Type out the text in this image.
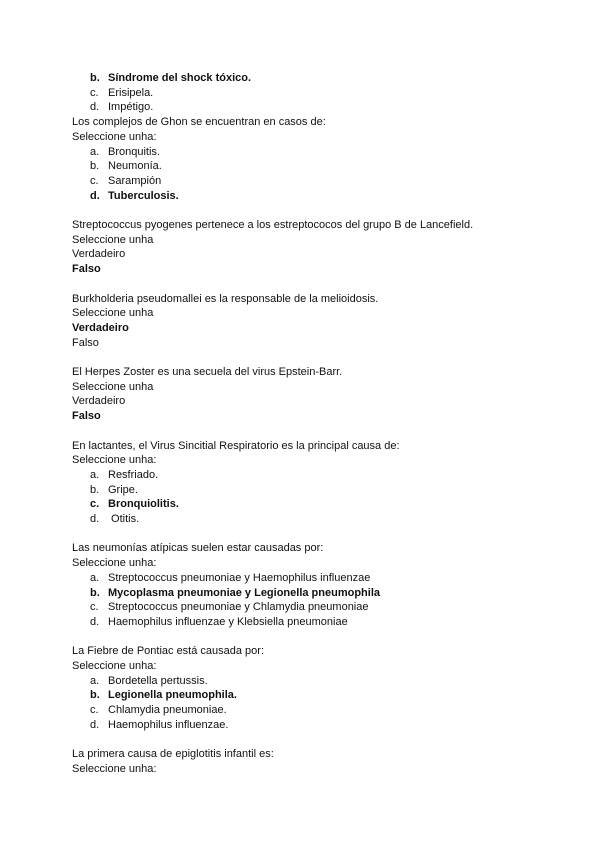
b. Síndrome del shock tóxico.
c. Erisipela.
d. Impétigo.
Los complejos de Ghon se encuentran en casos de:
Seleccione unha:
a. Bronquitis.
b. Neumonía.
c. Sarampión
d. Tuberculosis.
Streptococcus pyogenes pertenece a los estreptococos del grupo B de Lancefield.
Seleccione unha
Verdadeiro
Falso
Burkholderia pseudomallei es la responsable de la melioidosis.
Seleccione unha
Verdadeiro
Falso
El Herpes Zoster es una secuela del virus Epstein-Barr.
Seleccione unha
Verdadeiro
Falso
En lactantes, el Virus Sincitial Respiratorio es la principal causa de:
Seleccione unha:
a. Resfriado.
b. Gripe.
c. Bronquiolitis.
d. Otitis.
Las neumonías atípicas suelen estar causadas por:
Seleccione unha:
a. Streptococcus pneumoniae y Haemophilus influenzae
b. Mycoplasma pneumoniae y Legionella pneumophila
c. Streptococcus pneumoniae y Chlamydia pneumoniae
d. Haemophilus influenzae y Klebsiella pneumoniae
La Fiebre de Pontiac está causada por:
Seleccione unha:
a. Bordetella pertussis.
b. Legionella pneumophila.
c. Chlamydia pneumoniae.
d. Haemophilus influenzae.
La primera causa de epiglotitis infantil es:
Seleccione unha:
